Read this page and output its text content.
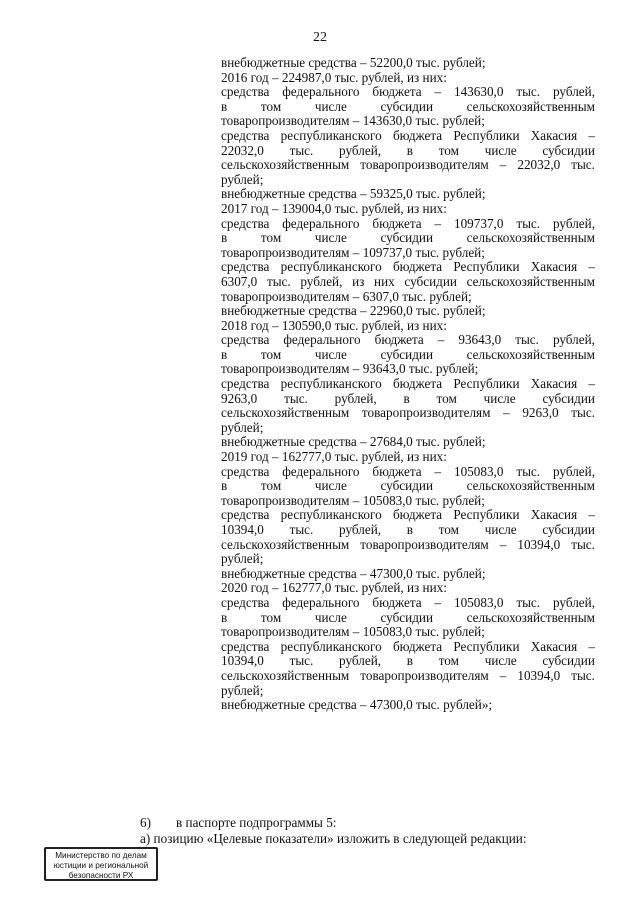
22
внебюджетные средства – 52200,0 тыс. рублей;
2016 год – 224987,0 тыс. рублей, из них:
средства федерального бюджета – 143630,0 тыс. рублей,
в	том	числе	субсидии	сельскохозяйственным
товаропроизводителям – 143630,0 тыс. рублей;
средства республиканского бюджета Республики Хакасия –
22032,0 тыс. рублей, в том числе субсидии
сельскохозяйственным товаропроизводителям – 22032,0 тыс.
рублей;
внебюджетные средства – 59325,0 тыс. рублей;
2017 год – 139004,0 тыс. рублей, из них:
средства федерального бюджета – 109737,0 тыс. рублей,
в	том	числе	субсидии	сельскохозяйственным
товаропроизводителям – 109737,0 тыс. рублей;
средства республиканского бюджета Республики Хакасия –
6307,0 тыс. рублей, из них субсидии сельскохозяйственным
товаропроизводителям – 6307,0 тыс. рублей;
внебюджетные средства – 22960,0 тыс. рублей;
2018 год – 130590,0 тыс. рублей, из них:
средства федерального бюджета – 93643,0 тыс. рублей,
в	том	числе	субсидии	сельскохозяйственным
товаропроизводителям – 93643,0 тыс. рублей;
средства республиканского бюджета Республики Хакасия –
9263,0 тыс. рублей, в том числе субсидии
сельскохозяйственным товаропроизводителям – 9263,0 тыс.
рублей;
внебюджетные средства – 27684,0 тыс. рублей;
2019 год – 162777,0 тыс. рублей, из них:
средства федерального бюджета – 105083,0 тыс. рублей,
в	том	числе	субсидии	сельскохозяйственным
товаропроизводителям – 105083,0 тыс. рублей;
средства республиканского бюджета Республики Хакасия –
10394,0 тыс. рублей, в том числе субсидии
сельскохозяйственным товаропроизводителям – 10394,0 тыс.
рублей;
внебюджетные средства – 47300,0 тыс. рублей;
2020 год – 162777,0 тыс. рублей, из них:
средства федерального бюджета – 105083,0 тыс. рублей,
в	том	числе	субсидии	сельскохозяйственным
товаропроизводителям – 105083,0 тыс. рублей;
средства республиканского бюджета Республики Хакасия –
10394,0 тыс. рублей, в том числе субсидии
сельскохозяйственным товаропроизводителям – 10394,0 тыс.
рублей;
внебюджетные средства – 47300,0 тыс. рублей»;
6) в паспорте подпрограммы 5:
а) позицию «Целевые показатели» изложить в следующей редакции:
Министерство по делам
юстиции и региональной
безопасности РХ
